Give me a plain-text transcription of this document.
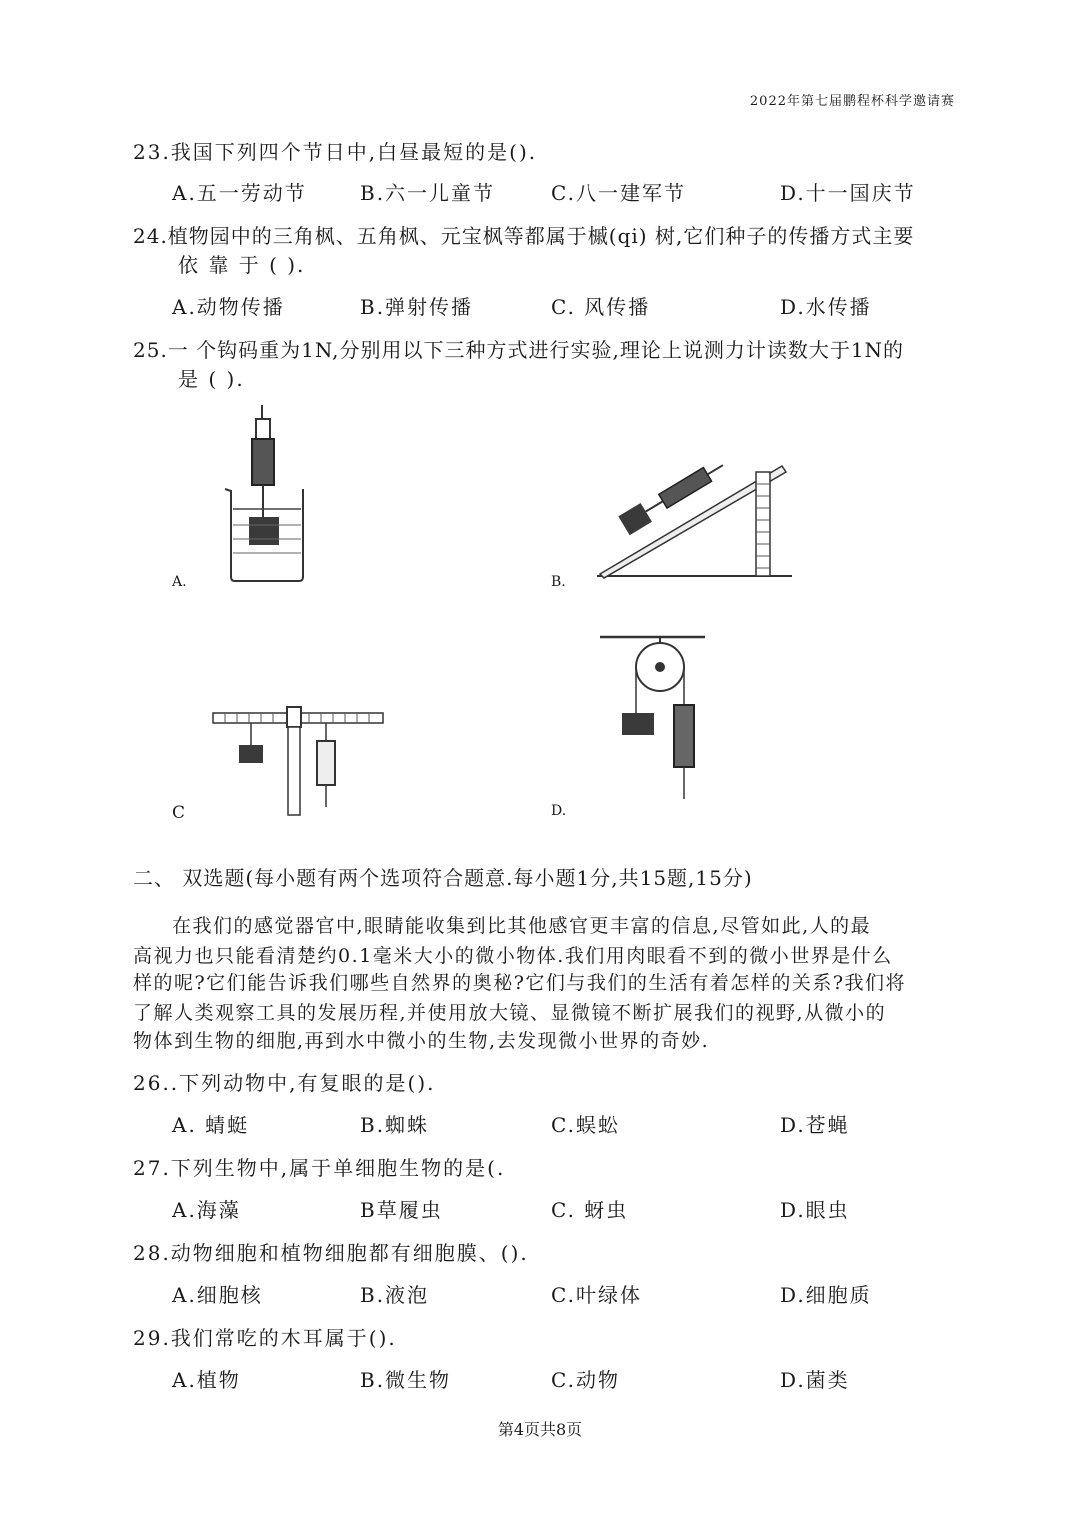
2022年第七届鹏程杯科学邀请赛
23.我国下列四个节日中,白昼最短的是().
A.五一劳动节	B.六一儿童节	C.八一建军节	D.十一国庆节
24.植物园中的三角枫、五角枫、元宝枫等都属于槭(qi) 树,它们种子的传播方式主要
依 靠 于 ( ).
A.动物传播	B.弹射传播	C. 风传播	D.水传播
25.一 个钩码重为1N,分别用以下三种方式进行实验,理论上说测力计读数大于1N的
是 ( ).
A.	B.
C	D.
二、 双选题(每小题有两个选项符合题意.每小题1分,共15题,15分)
在我们的感觉器官中,眼睛能收集到比其他感官更丰富的信息,尽管如此,人的最
高视力也只能看清楚约0.1毫米大小的微小物体.我们用肉眼看不到的微小世界是什么
样的呢?它们能告诉我们哪些自然界的奥秘?它们与我们的生活有着怎样的关系?我们将
了解人类观察工具的发展历程,并使用放大镜、显微镜不断扩展我们的视野,从微小的
物体到生物的细胞,再到水中微小的生物,去发现微小世界的奇妙.
26..下列动物中,有复眼的是().
A. 蜻蜓	B.蜘蛛	C.蜈蚣	D.苍蝇
27.下列生物中,属于单细胞生物的是(.
A.海藻	B草履虫	C. 蚜虫	D.眼虫
28.动物细胞和植物细胞都有细胞膜、().
A.细胞核	B.液泡	C.叶绿体	D.细胞质
29.我们常吃的木耳属于().
A.植物	B.微生物	C.动物	D.菌类
第4页共8页
